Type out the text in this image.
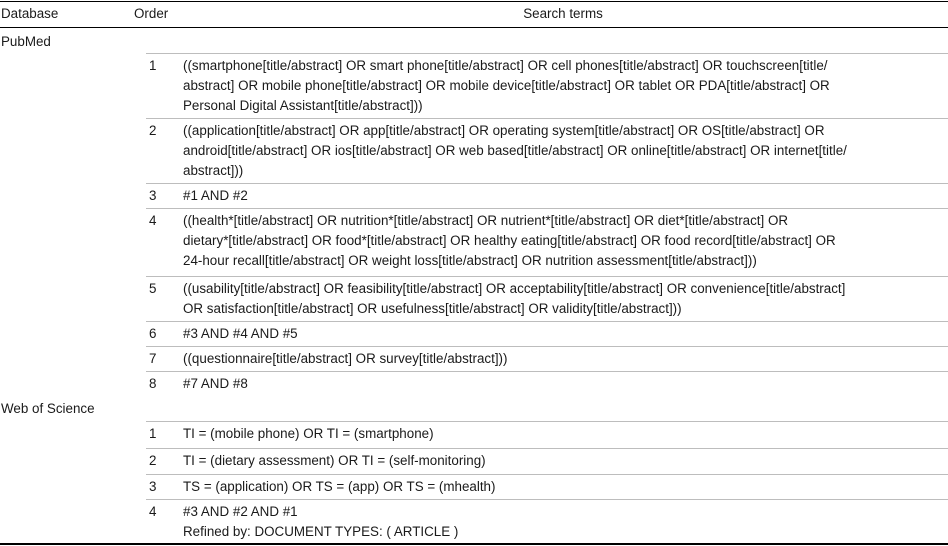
Database	Order	Search terms
PubMed
1 ((smartphone[title/abstract] OR smart phone[title/abstract] OR cell phones[title/abstract] OR touchscreen[title/
abstract] OR mobile phone[title/abstract] OR mobile device[title/abstract] OR tablet OR PDA[title/abstract] OR
Personal Digital Assistant[title/abstract]))
2 ((application[title/abstract] OR app[title/abstract] OR operating system[title/abstract] OR OS[title/abstract] OR
android[title/abstract] OR ios[title/abstract] OR web based[title/abstract] OR online[title/abstract] OR internet[title/
abstract]))
3 #1 AND #2
4 ((health*[title/abstract] OR nutrition*[title/abstract] OR nutrient*[title/abstract] OR diet*[title/abstract] OR
dietary*[title/abstract] OR food*[title/abstract] OR healthy eating[title/abstract] OR food record[title/abstract] OR
24-hour recall[title/abstract] OR weight loss[title/abstract] OR nutrition assessment[title/abstract]))
5 ((usability[title/abstract] OR feasibility[title/abstract] OR acceptability[title/abstract] OR convenience[title/abstract]
OR satisfaction[title/abstract] OR usefulness[title/abstract] OR validity[title/abstract]))
6 #3 AND #4 AND #5
7 ((questionnaire[title/abstract] OR survey[title/abstract]))
8 #7 AND #8
Web of Science
1 TI = (mobile phone) OR TI = (smartphone)
2 TI = (dietary assessment) OR TI = (self-monitoring)
3 TS = (application) OR TS = (app) OR TS = (mhealth)
4 #3 AND #2 AND #1
Refined by: DOCUMENT TYPES: ( ARTICLE )
